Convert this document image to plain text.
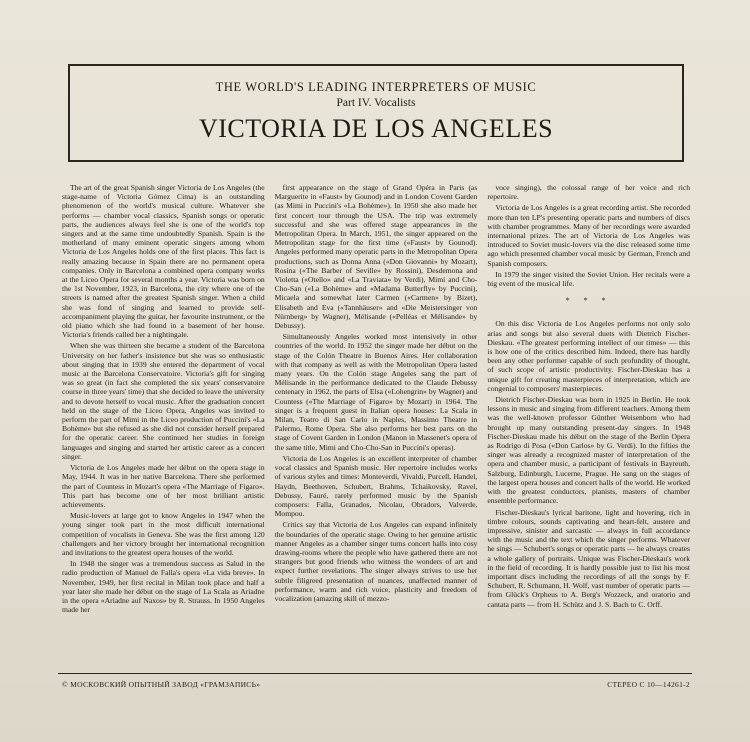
THE WORLD'S LEADING INTERPRETERS OF MUSIC
Part IV. Vocalists
VICTORIA DE LOS ANGELES

The art of the great Spanish singer Victoria de Los Angeles (the stage-name of Victoria Gómez Cima) is an outstanding phenomenon of the world's musical culture. Whatever she performs — chamber vocal classics, Spanish songs or operatic parts, the audiences always feel she is one of the world's top singers and at the same time undoubtedly Spanish. Spain is the motherland of many eminent operatic singers among whom Victoria de Los Angeles holds one of the first places. This fact is really amazing because in Spain there are no permanent opera companies. Only in Barcelona a combined opera company works at the Liceo Opera for several months a year. Victoria was born on the 1st November, 1923, in Barcelona, the city where one of the streets is named after the greatest Spanish singer. When a child she was fond of singing and learned to provide self-accompaniment playing the guitar, her favourite instrument, or the old piano which she had found in a basement of her house. Victoria's friends called her a nightingale.

When she was thirteen she became a student of the Barcelona University on her father's insistence but she was so enthusiastic about singing that in 1939 she entered the department of vocal music at the Barcelona Conservatoire. Victoria's gift for singing was so great (in fact she completed the six years' conservatoire course in three years' time) that she decided to leave the university and to devote herself to vocal music. After the graduation concert held on the stage of the Liceo Opera, Angeles was invited to perform the part of Mimi in the Liceo production of Puccini's «La Bohème» but she refused as she did not consider herself prepared for the operatic career. She continued her studies in foreign languages and singing and started her artistic career as a concert singer.

Victoria de Los Angeles made her début on the opera stage in May, 1944. It was in her native Barcelona. There she performed the part of Countess in Mozart's opera «The Marriage of Figaro». This part has become one of her most brilliant artistic achievements.

Music-lovers at large got to know Angeles in 1947 when the young singer took part in the most difficult international competition of vocalists in Geneva. She was the first among 120 challengers and her victory brought her international recognition and invitations to the greatest opera houses of the world.

In 1948 the singer was a tremendous success as Salud in the radio production of Manuel de Falla's opera «La vida breve». In November, 1949, her first recital in Milan took place and half a year later she made her début on the stage of La Scala as Ariadne in the opera «Ariadne auf Naxos» by R. Strauss. In 1950 Angeles made her

first appearance on the stage of Grand Opéra in Paris (as Marguerite in «Faust» by Gounod) and in London Covent Garden (as Mimi in Puccini's «La Bohème»). In 1950 she also made her first concert tour through the USA. The trip was extremely successful and she was offered stage appearances in the Metropolitan Opera. In March, 1951, the singer appeared on the Metropolitan stage for the first time («Faust» by Gounod). Angeles performed many operatic parts in the Metropolitan Opera productions, such as Donna Anna («Don Giovanni» by Mozart), Rosina («The Barber of Seville» by Rossini), Desdemona and Violetta («Otello» and «La Traviata» by Verdi), Mimi and Cho-Cho-San («La Bohème» and «Madama Butterfly» by Puccini), Micaela and somewhat later Carmen («Carmen» by Bizet), Elisabeth and Eva («Tannhäuser» and «Die Meistersinger von Nürnberg» by Wagner), Mélisande («Pelléas et Mélisande» by Debussy).

Simultaneously Angeles worked most intensively in other countries of the world. In 1952 the singer made her début on the stage of the Colón Theatre in Buenos Aires. Her collaboration with that company as well as with the Metropolitan Opera lasted many years. On the Colón stage Angeles sang the part of Mélisande in the performance dedicated to the Claude Debussy centenary in 1962, the parts of Elsa («Lohengrin» by Wagner) and Countess («The Marriage of Figaro» by Mozart) in 1964. The singer is a frequent guest in Italian opera houses: La Scala in Milan, Teatro di San Carlo in Naples, Massimo Theatre in Palermo, Rome Opera. She also performs her best parts on the stage of Covent Garden in London (Manon in Massenet's opera of the same title, Mimi and Cho-Cho-San in Puccini's operas).

Victoria de Los Angeles is an excellent interpreter of chamber vocal classics and Spanish music. Her repertoire includes works of various styles and times: Monteverdi, Vivaldi, Purcell, Handel, Haydn, Beethoven, Schubert, Brahms, Tchaikovsky, Ravel, Debussy, Fauré, rarely performed music by the Spanish composers: Falla, Granados, Nicolau, Obradors, Valverde, Mompou.

Critics say that Victoria de Los Angeles can expand infinitely the boundaries of the operatic stage. Owing to her genuine artistic manner Angeles as a chamber singer turns concert halls into cosy drawing-rooms where the people who have gathered there are not strangers but good friends who witness the wonders of art and expect further revelations. The singer always strives to use her subtle filigreed presentation of nuances, unaffected manner of performance, warm and rich voice, plasticity and freedom of vocalization (amazing skill of mezzo-

voce singing), the colossal range of her voice and rich repertoire.

Victoria de Los Angeles is a great recording artist. She recorded more than ten LP's presenting operatic parts and numbers of discs with chamber programmes. Many of her recordings were awarded international prizes. The art of Victoria de Los Angeles was introduced to Soviet music-lovers via the disc released some time ago which presented chamber vocal music by German, French and Spanish composers.

In 1979 the singer visited the Soviet Union. Her recitals were a big event of the musical life.

* * *

On this disc Victoria de Los Angeles performs not only solo arias and songs but also several duets with Dietrich Fischer-Dieskau. «The greatest performing intellect of our times» — this is how one of the critics described him. Indeed, there has hardly been any other performer capable of such profundity of thought, of such scope of artistic productivity. Fischer-Dieskau has a unique gift for creating masterpieces of interpretation, which are congenial to composers' masterpieces.

Dietrich Fischer-Dieskau was born in 1925 in Berlin. He took lessons in music and singing from different teachers. Among them was the well-known professor Günther Weisenborn who had brought up many outstanding present-day singers. In 1948 Fischer-Dieskau made his début on the stage of the Berlin Opera as Rodrigo di Posa («Don Carlos» by G. Verdi). In the fifties the singer was already a recognized master of interpretation of the opera and chamber music, a participant of festivals in Bayreuth, Salzburg, Edinburgh, Lucerne, Prague. He sang on the stages of the largest opera houses and concert halls of the world. He worked with the greatest conductors, pianists, masters of chamber ensemble performance.

Fischer-Dieskau's lyrical baritone, light and hovering, rich in timbre colours, sounds captivating and heart-felt, austere and impressive, sinister and sarcastic — always in full accordance with the music and the text which the singer performs. Whatever he sings — Schubert's songs or operatic parts — he always creates a whole gallery of portraits. Unique was Fischer-Dieskau's work in the field of recording. It is hardly possible just to list his most important discs including the recordings of all the songs by F. Schubert, R. Schumann, H. Wolf, vast number of operatic parts — from Glück's Orpheus to A. Berg's Wozzeck, and oratorio and cantata parts — from H. Schütz and J. S. Bach to C. Orff.

© МОСКОВСКИЙ ОПЫТНЫЙ ЗАВОД «ГРАМЗАПИСЬ»	СТЕРЕО С 10—14261-2
